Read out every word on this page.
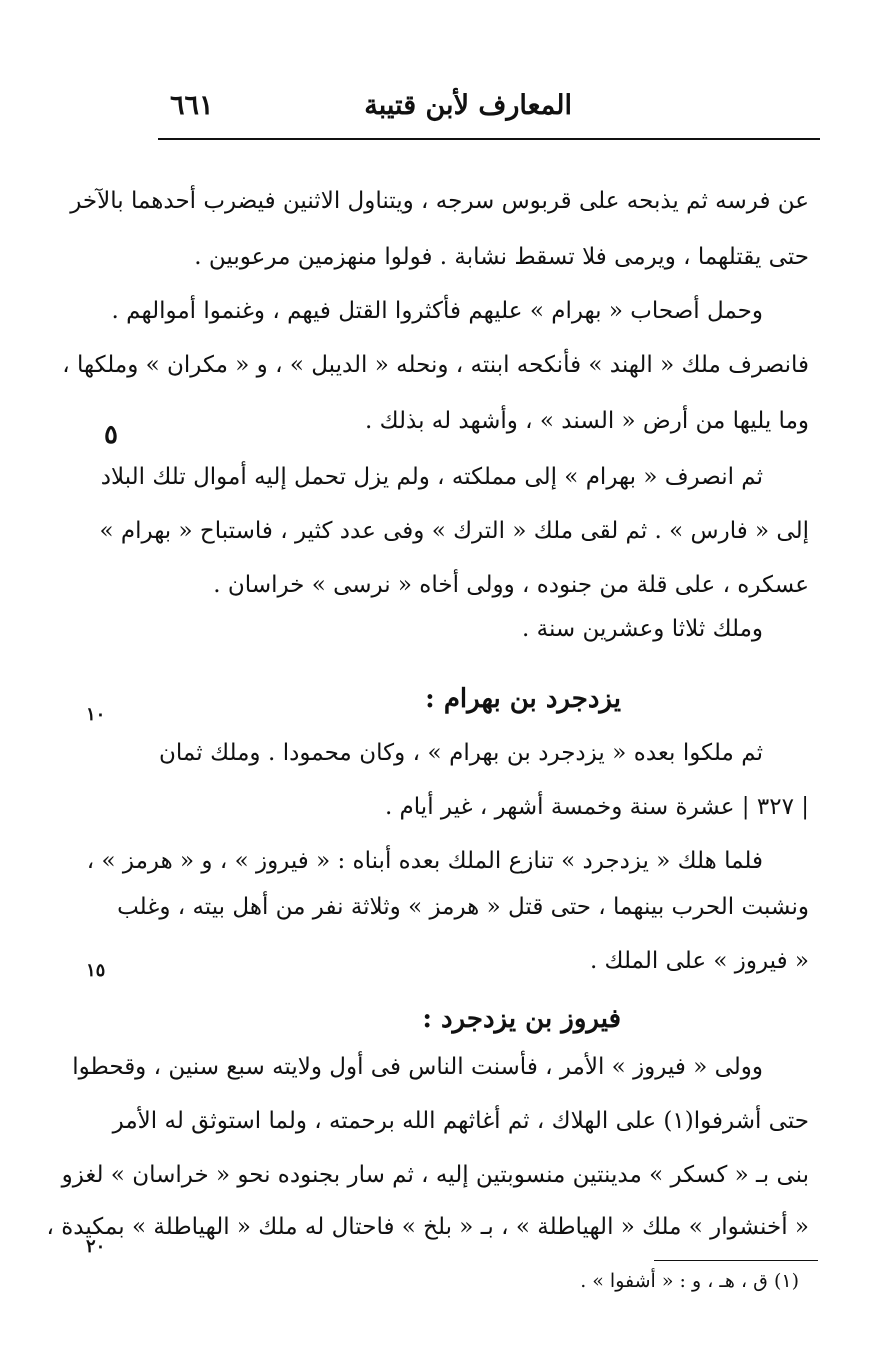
المعارف لأبن قتيبة
٦٦١
عن فرسه ثم يذبحه على قربوس سرجه ، ويتناول الاثنين فيضرب أحدهما بالآخر
حتى يقتلهما ، ويرمى فلا تسقط نشابة . فولوا منهزمين مرعوبين .
وحمل أصحاب « بهرام » عليهم فأكثروا القتل فيهم ، وغنموا أموالهم .
فانصرف ملك « الهند » فأنكحه ابنته ، ونحله « الديبل » ، و « مكران » وملكها ،
وما يليها من أرض « السند » ، وأشهد له بذلك .
ثم انصرف « بهرام » إلى مملكته ، ولم يزل تحمل إليه أموال تلك البلاد
إلى « فارس » . ثم لقى ملك « الترك » وفى عدد كثير ، فاستباح « بهرام »
عسكره ، على قلة من جنوده ، وولى أخاه « نرسى » خراسان .
وملك ثلاثا وعشرين سنة .
يزدجرد بن بهرام :
ثم ملكوا بعده « يزدجرد بن بهرام » ، وكان محمودا . وملك ثمان
| ٣٢٧ | عشرة سنة وخمسة أشهر ، غير أيام .
فلما هلك « يزدجرد » تنازع الملك بعده أبناه : « فيروز » ، و « هرمز » ،
ونشبت الحرب بينهما ، حتى قتل « هرمز » وثلاثة نفر من أهل بيته ، وغلب
« فيروز » على الملك .
فيروز بن يزدجرد :
وولى « فيروز » الأمر ، فأسنت الناس فى أول ولايته سبع سنين ، وقحطوا
حتى أشرفوا(١) على الهلاك ، ثم أغاثهم الله برحمته ، ولما استوثق له الأمر
بنى بـ « كسكر » مدينتين منسوبتين إليه ، ثم سار بجنوده نحو « خراسان » لغزو
« أخنشوار » ملك « الهياطلة » ، بـ « بلخ » فاحتال له ملك « الهياطلة » بمكيدة ،
٥
١٠
١٥
٢٠
(١) ق ، هـ ، و : « أشفوا » .
